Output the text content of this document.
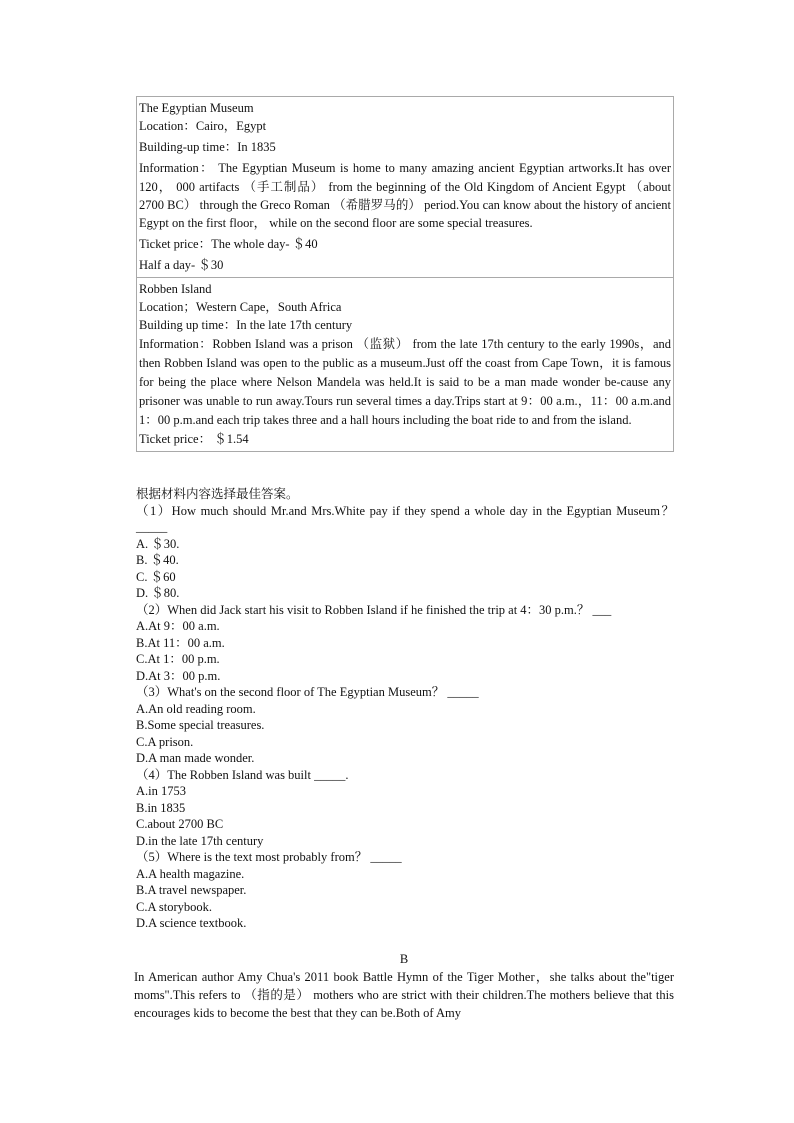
The Egyptian Museum

Location：Cairo，Egypt

Building-up time：In 1835

Information： The Egyptian Museum is home to many amazing ancient Egyptian artworks.It has over 120， 000 artifacts （手工制品） from the beginning of the Old Kingdom of Ancient Egypt （about 2700 BC） through the Greco Roman （希腊罗马的） period.You can know about the history of ancient Egypt on the first floor， while on the second floor are some special treasures.

Ticket price：The whole day- ＄40

Half a day- ＄30

Robben Island

Location；Western Cape，South Africa

Building up time：In the late 17th century

Information：Robben Island was a prison （监狱） from the late 17th century to the early 1990s，and then Robben Island was open to the public as a museum.Just off the coast from Cape Town，it is famous for being the place where Nelson Mandela was held.It is said to be a man made wonder be-cause any prisoner was unable to run away.Tours run several times a day.Trips start at 9：00 a.m.，11：00 a.m.and 1：00 p.m.and each trip takes three and a hall hours including the boat ride to and from the island.

Ticket price： ＄1.54

根据材料内容选择最佳答案。

（1）How much should Mr.and Mrs.White pay if they spend a whole day in the Egyptian Museum？_____

A. ＄30.

B. ＄40.

C. ＄60

D. ＄80.

（2）When did Jack start his visit to Robben Island if he finished the trip at 4：30 p.m.？ ___

A.At 9：00 a.m.

B.At 11：00 a.m.

C.At 1：00 p.m.

D.At 3：00 p.m.

（3）What's on the second floor of The Egyptian Museum？ _____

A.An old reading room.

B.Some special treasures.

C.A prison.

D.A man made wonder.

（4）The Robben Island was built _____.

A.in 1753

B.in 1835

C.about 2700 BC

D.in the late 17th century

（5）Where is the text most probably from？ _____

A.A health magazine.

B.A travel newspaper.

C.A storybook.

D.A science textbook.

B

In American author Amy Chua's 2011 book Battle Hymn of the Tiger Mother，she talks about the"tiger moms".This refers to （指的是） mothers who are strict with their children.The mothers believe that this encourages kids to become the best that they can be.Both of Amy
